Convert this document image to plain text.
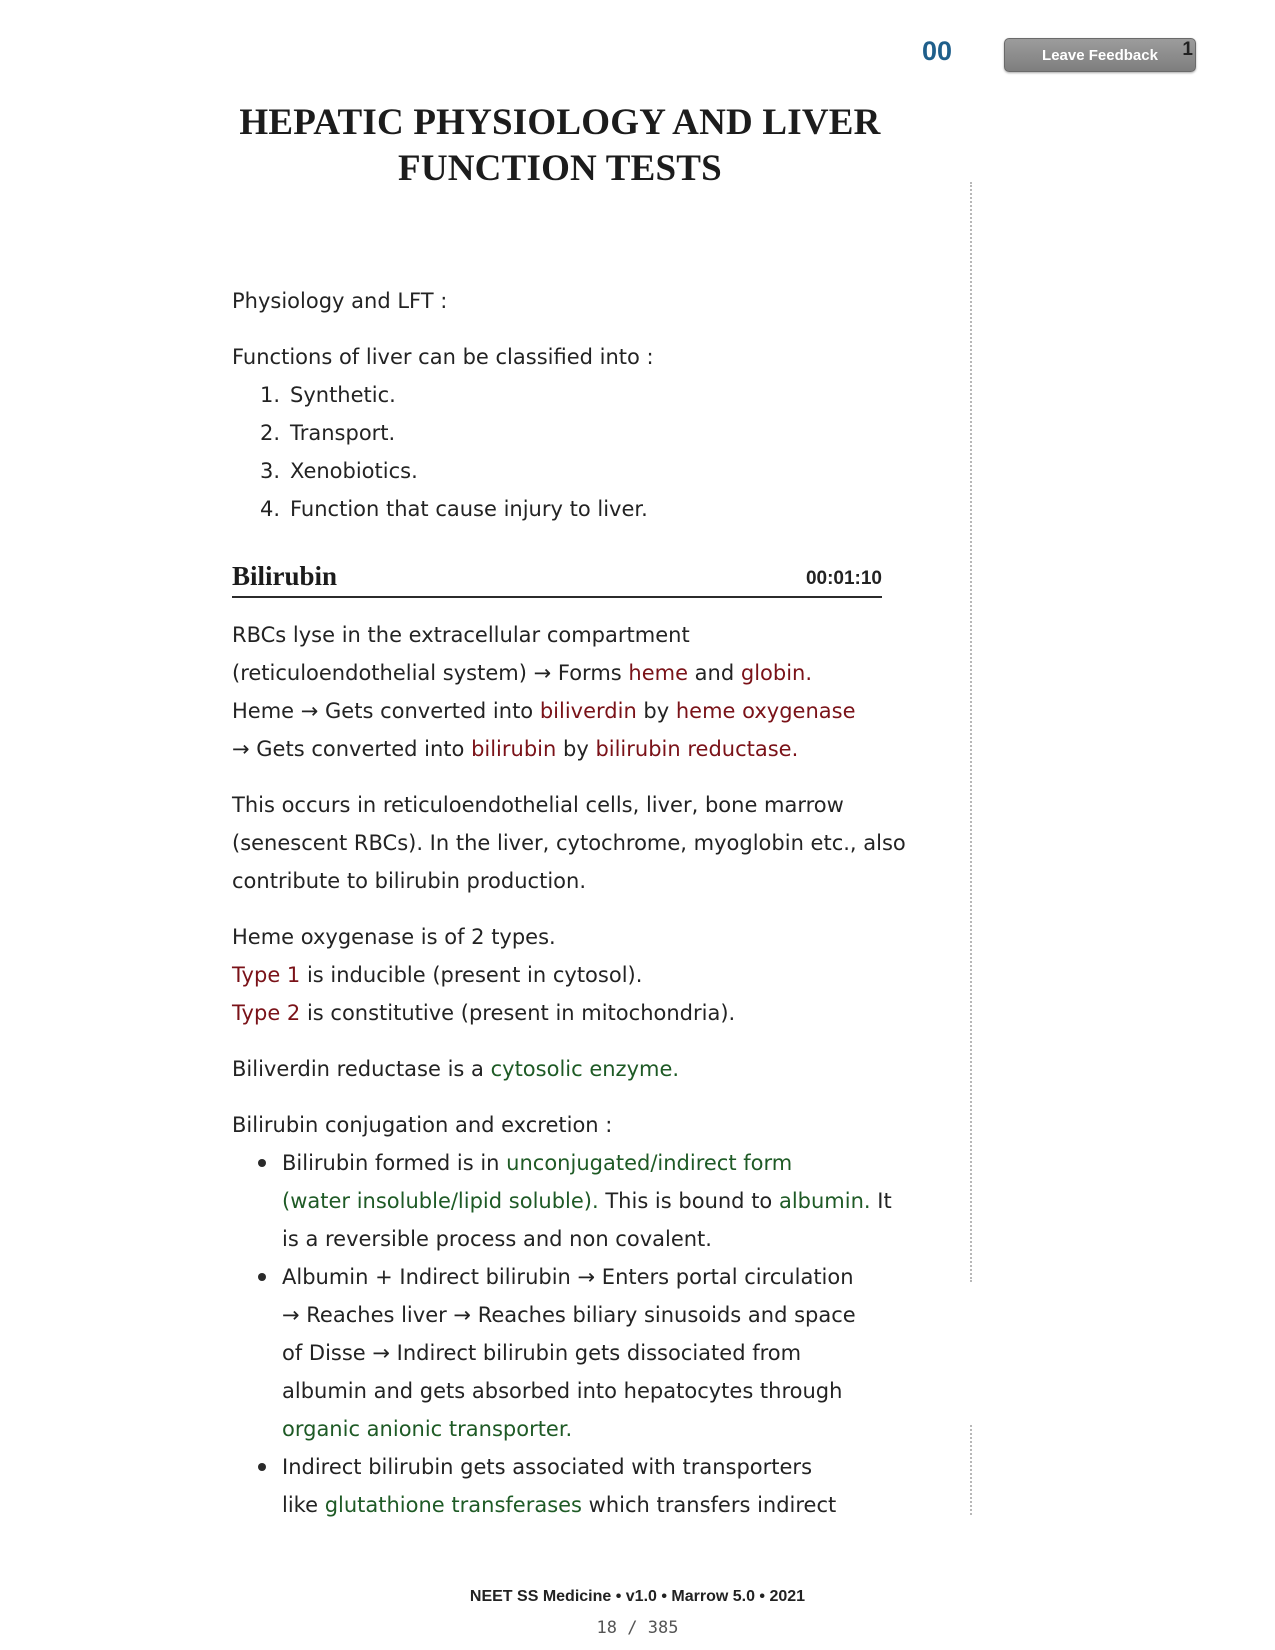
00	Leave Feedback 1
HEPATIC PHYSIOLOGY AND LIVER
FUNCTION TESTS
Physiology and LFT :
Functions of liver can be classified into :
1. Synthetic.
2. Transport.
3. Xenobiotics.
4. Function that cause injury to liver.
Bilirubin	00:01:10
RBCs lyse in the extracellular compartment
(reticuloendothelial system) → Forms heme and globin.
Heme → Gets converted into biliverdin by heme oxygenase
→ Gets converted into bilirubin by bilirubin reductase.
This occurs in reticuloendothelial cells, liver, bone marrow
(senescent RBCs). In the liver, cytochrome, myoglobin etc., also
contribute to bilirubin production.
Heme oxygenase is of 2 types.
Type 1 is inducible (present in cytosol).
Type 2 is constitutive (present in mitochondria).
Biliverdin reductase is a cytosolic enzyme.
Bilirubin conjugation and excretion :
Bilirubin formed is in unconjugated/indirect form
(water insoluble/lipid soluble). This is bound to albumin. It
is a reversible process and non covalent.
Albumin + Indirect bilirubin → Enters portal circulation
→ Reaches liver → Reaches biliary sinusoids and space
of Disse → Indirect bilirubin gets dissociated from
albumin and gets absorbed into hepatocytes through
organic anionic transporter.
Indirect bilirubin gets associated with transporters
like glutathione transferases which transfers indirect
NEET SS Medicine • v1.0 • Marrow 5.0 • 2021
18 / 385
